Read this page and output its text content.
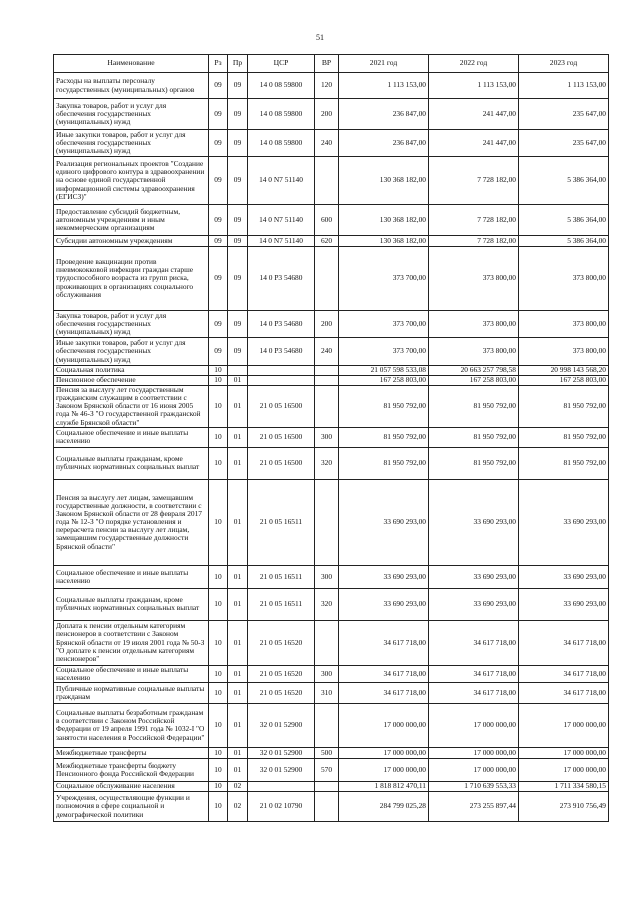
51
Наименование	Рз	Пр	ЦСР	ВР	2021 год	2022 год	2023 год
Расходы на выплаты персоналу государственных (муниципальных) органов	09	09	14 0 08 59800	120	1 113 153,00	1 113 153,00	1 113 153,00
Закупка товаров, работ и услуг для обеспечения государственных (муниципальных) нужд	09	09	14 0 08 59800	200	236 847,00	241 447,00	235 647,00
Иные закупки товаров, работ и услуг для обеспечения государственных (муниципальных) нужд	09	09	14 0 08 59800	240	236 847,00	241 447,00	235 647,00
Реализация региональных проектов "Создание единого цифрового контура в здравоохранении на основе единой государственной информационной системы здравоохранения (ЕГИСЗ)"	09	09	14 0 N7 51140		130 368 182,00	7 728 182,00	5 386 364,00
Предоставление субсидий бюджетным, автономным учреждениям и иным некоммерческим организациям	09	09	14 0 N7 51140	600	130 368 182,00	7 728 182,00	5 386 364,00
Субсидии автономным учреждениям	09	09	14 0 N7 51140	620	130 368 182,00	7 728 182,00	5 386 364,00
Проведение вакцинации против пневмококковой инфекции граждан старше трудоспособного возраста из групп риска, проживающих в организациях социального обслуживания	09	09	14 0 P3 54680		373 700,00	373 800,00	373 800,00
Закупка товаров, работ и услуг для обеспечения государственных (муниципальных) нужд	09	09	14 0 P3 54680	200	373 700,00	373 800,00	373 800,00
Иные закупки товаров, работ и услуг для обеспечения государственных (муниципальных) нужд	09	09	14 0 P3 54680	240	373 700,00	373 800,00	373 800,00
Социальная политика	10				21 057 598 533,08	20 663 257 798,58	20 998 143 568,20
Пенсионное обеспечение	10	01			167 258 803,00	167 258 803,00	167 258 803,00
Пенсия за выслугу лет государственным гражданским служащим в соответствии с Законом Брянской области от 16 июня 2005 года № 46-З "О государственной гражданской службе Брянской области"	10	01	21 0 05 16500		81 950 792,00	81 950 792,00	81 950 792,00
Социальное обеспечение и иные выплаты населению	10	01	21 0 05 16500	300	81 950 792,00	81 950 792,00	81 950 792,00
Социальные выплаты гражданам, кроме публичных нормативных социальных выплат	10	01	21 0 05 16500	320	81 950 792,00	81 950 792,00	81 950 792,00
Пенсия за выслугу лет лицам, замещавшим государственные должности, в соответствии с Законом Брянской области от 28 февраля 2017 года № 12-З "О порядке установления и перерасчета пенсии за выслугу лет лицам, замещавшим государственные должности Брянской области"	10	01	21 0 05 16511		33 690 293,00	33 690 293,00	33 690 293,00
Социальное обеспечение и иные выплаты населению	10	01	21 0 05 16511	300	33 690 293,00	33 690 293,00	33 690 293,00
Социальные выплаты гражданам, кроме публичных нормативных социальных выплат	10	01	21 0 05 16511	320	33 690 293,00	33 690 293,00	33 690 293,00
Доплата к пенсии отдельным категориям пенсионеров в соответствии с Законом Брянской области от 19 июля 2001 года № 50-З "О доплате к пенсии отдельным категориям пенсионеров"	10	01	21 0 05 16520		34 617 718,00	34 617 718,00	34 617 718,00
Социальное обеспечение и иные выплаты населению	10	01	21 0 05 16520	300	34 617 718,00	34 617 718,00	34 617 718,00
Публичные нормативные социальные выплаты гражданам	10	01	21 0 05 16520	310	34 617 718,00	34 617 718,00	34 617 718,00
Социальные выплаты безработным гражданам в соответствии с Законом Российской Федерации от 19 апреля 1991 года № 1032-I "О занятости населения в Российской Федерации"	10	01	32 0 01 52900		17 000 000,00	17 000 000,00	17 000 000,00
Межбюджетные трансферты	10	01	32 0 01 52900	500	17 000 000,00	17 000 000,00	17 000 000,00
Межбюджетные трансферты бюджету Пенсионного фонда Российской Федерации	10	01	32 0 01 52900	570	17 000 000,00	17 000 000,00	17 000 000,00
Социальное обслуживание населения	10	02			1 818 812 470,11	1 710 639 553,33	1 711 334 580,15
Учреждения, осуществляющие функции и полномочия в сфере социальной и демографической политики	10	02	21 0 02 10790		284 799 025,28	273 255 897,44	273 910 756,49
